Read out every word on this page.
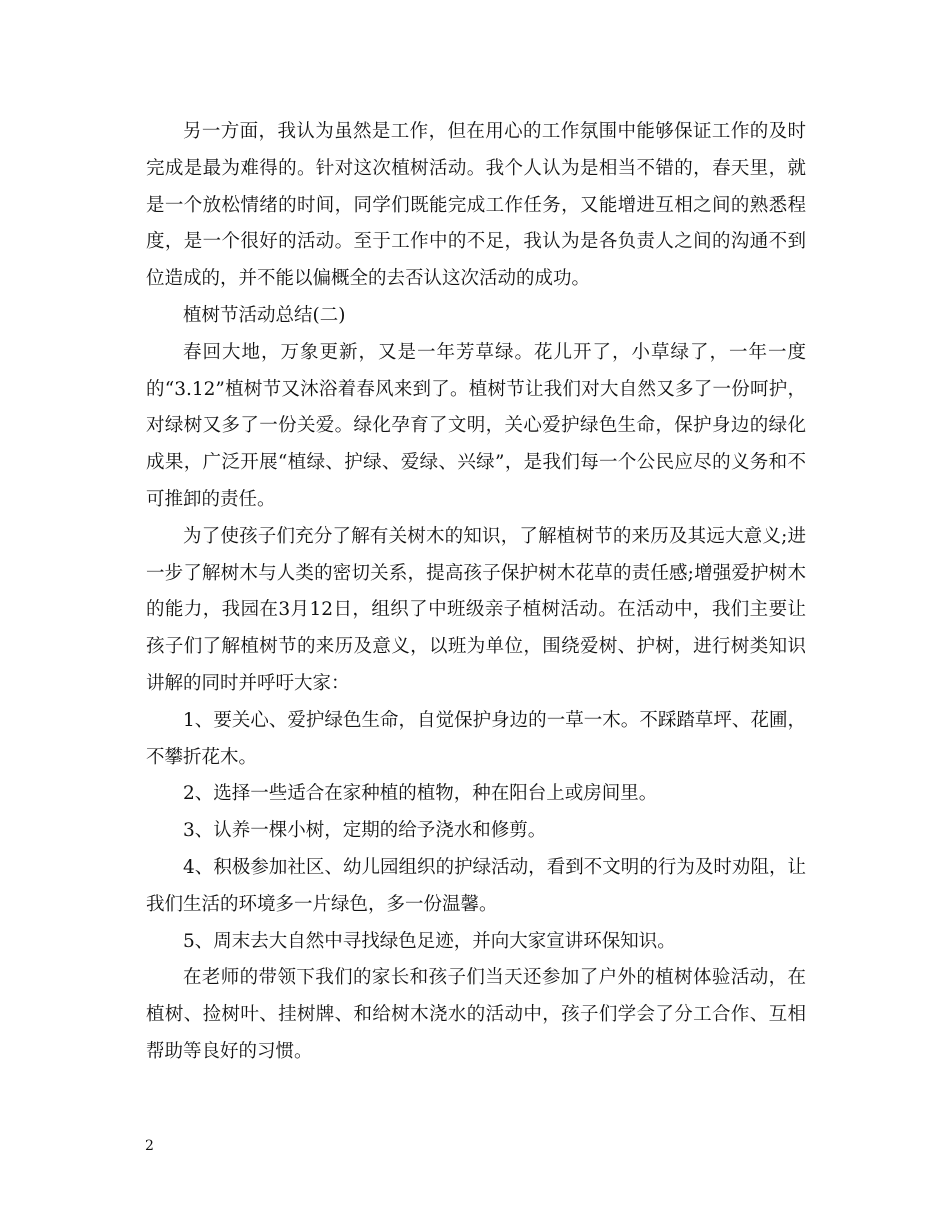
另一方面，我认为虽然是工作，但在用心的工作氛围中能够保证工作的及时完成是最为难得的。针对这次植树活动。我个人认为是相当不错的，春天里，就是一个放松情绪的时间，同学们既能完成工作任务，又能增进互相之间的熟悉程度，是一个很好的活动。至于工作中的不足，我认为是各负责人之间的沟通不到位造成的，并不能以偏概全的去否认这次活动的成功。

植树节活动总结(二)

春回大地，万象更新，又是一年芳草绿。花儿开了，小草绿了，一年一度的“3.12”植树节又沐浴着春风来到了。植树节让我们对大自然又多了一份呵护，对绿树又多了一份关爱。绿化孕育了文明，关心爱护绿色生命，保护身边的绿化成果，广泛开展“植绿、护绿、爱绿、兴绿”，是我们每一个公民应尽的义务和不可推卸的责任。

为了使孩子们充分了解有关树木的知识，了解植树节的来历及其远大意义;进一步了解树木与人类的密切关系，提高孩子保护树木花草的责任感;增强爱护树木的能力，我园在3月12日，组织了中班级亲子植树活动。在活动中，我们主要让孩子们了解植树节的来历及意义，以班为单位，围绕爱树、护树，进行树类知识讲解的同时并呼吁大家：

1、要关心、爱护绿色生命，自觉保护身边的一草一木。不踩踏草坪、花圃，不攀折花木。

2、选择一些适合在家种植的植物，种在阳台上或房间里。

3、认养一棵小树，定期的给予浇水和修剪。

4、积极参加社区、幼儿园组织的护绿活动，看到不文明的行为及时劝阻，让我们生活的环境多一片绿色，多一份温馨。

5、周末去大自然中寻找绿色足迹，并向大家宣讲环保知识。

在老师的带领下我们的家长和孩子们当天还参加了户外的植树体验活动，在植树、捡树叶、挂树牌、和给树木浇水的活动中，孩子们学会了分工合作、互相帮助等良好的习惯。

2
